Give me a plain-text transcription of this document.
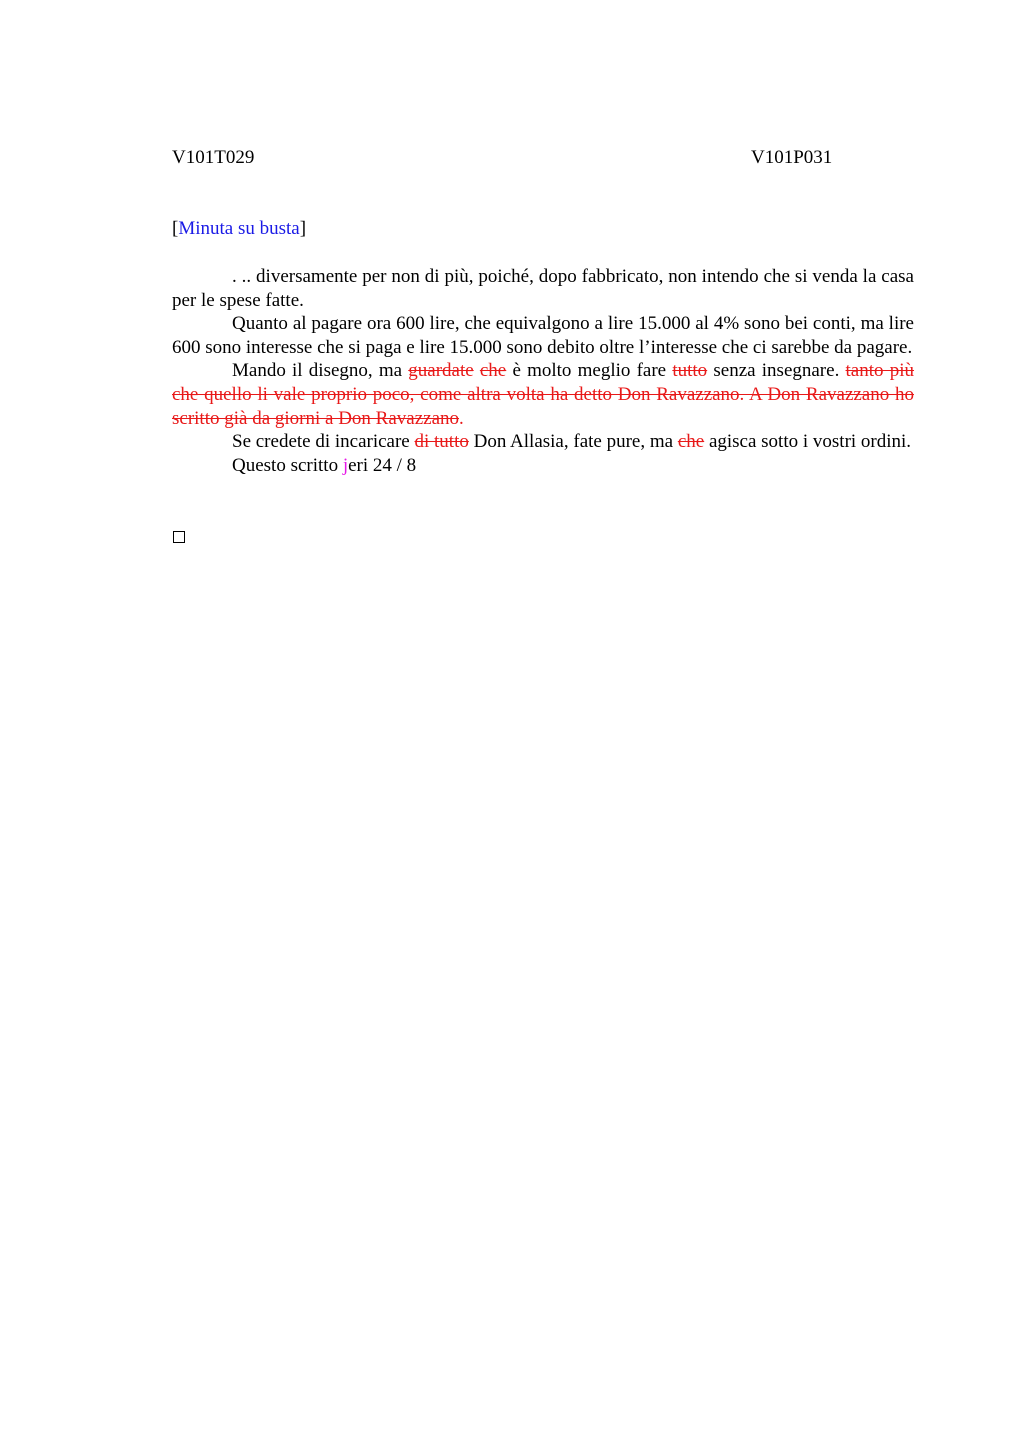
V101T029	V101P031
[Minuta su busta]

. .. diversamente per non di più, poiché, dopo fabbricato, non intendo che si venda la casa per le spese fatte.

Quanto al pagare ora 600 lire, che equivalgono a lire 15.000 al 4% sono bei conti, ma lire 600 sono interesse che si paga e lire 15.000 sono debito oltre l’interesse che ci sarebbe da pagare.

Mando il disegno, ma guardate che è molto meglio fare tutto senza insegnare. tanto più che quello li vale proprio poco, come altra volta ha detto Don Ravazzano. A Don Ravazzano ho scritto già da giorni a Don Ravazzano.

Se credete di incaricare di tutto Don Allasia, fate pure, ma che agisca sotto i vostri ordini.

Questo scritto jeri 24 / 8
